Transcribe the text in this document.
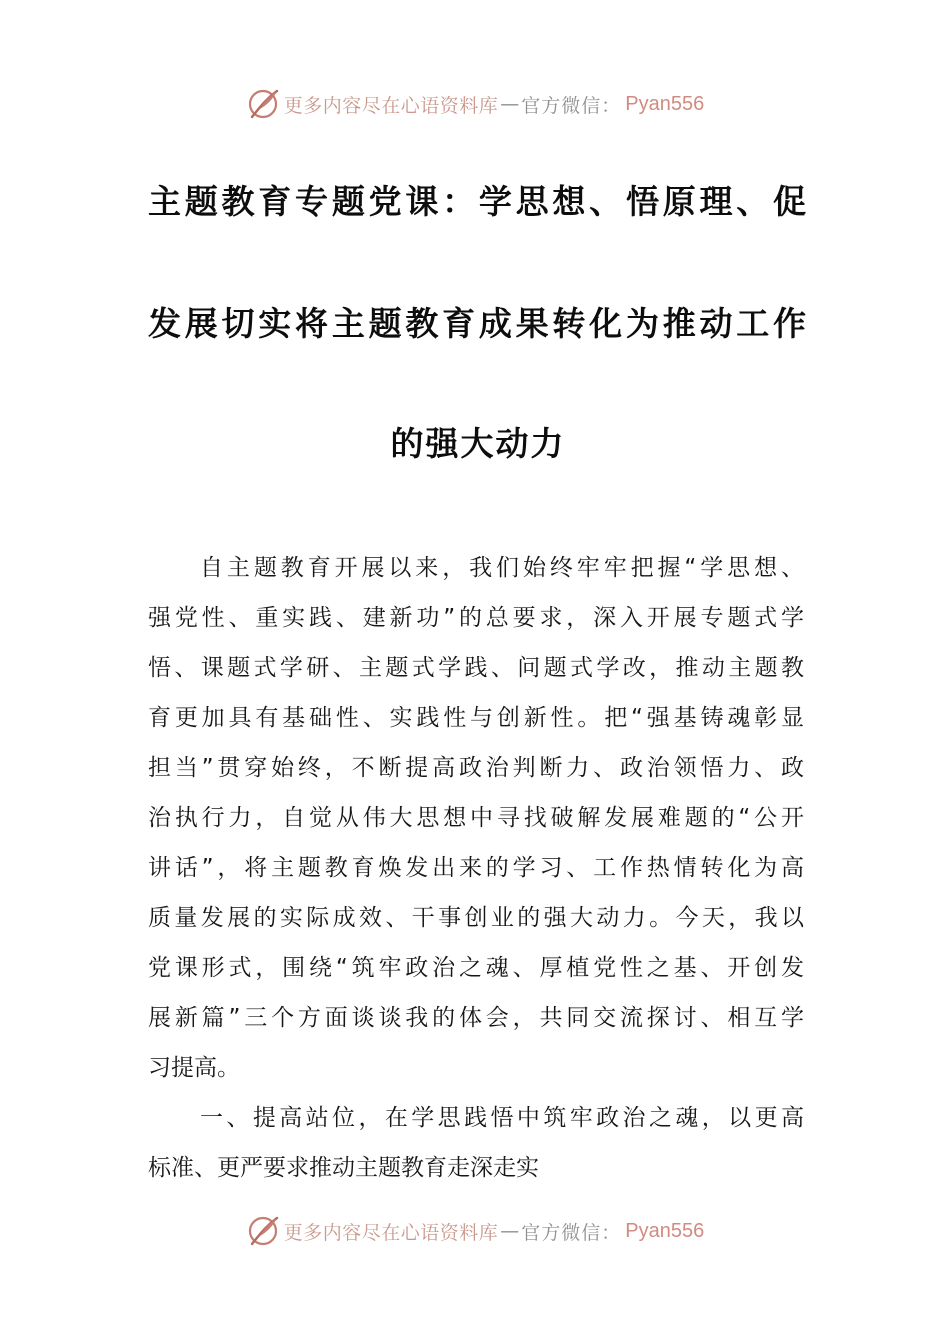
更多内容尽在心语资料库 — 官方微信： Pyan556
主题教育专题党课：学思想、悟原理、促
发展切实将主题教育成果转化为推动工作
的强大动力
自主题教育开展以来，我们始终牢牢把握“学思想、
强党性、重实践、建新功”的总要求，深入开展专题式学
悟、课题式学研、主题式学践、问题式学改，推动主题教
育更加具有基础性、实践性与创新性。把“强基铸魂彰显
担当”贯穿始终，不断提高政治判断力、政治领悟力、政
治执行力，自觉从伟大思想中寻找破解发展难题的“公开
讲话”，将主题教育焕发出来的学习、工作热情转化为高
质量发展的实际成效、干事创业的强大动力。今天，我以
党课形式，围绕“筑牢政治之魂、厚植党性之基、开创发
展新篇”三个方面谈谈我的体会，共同交流探讨、相互学
习提高。
一、提高站位，在学思践悟中筑牢政治之魂，以更高
标准、更严要求推动主题教育走深走实
更多内容尽在心语资料库 — 官方微信： Pyan556
